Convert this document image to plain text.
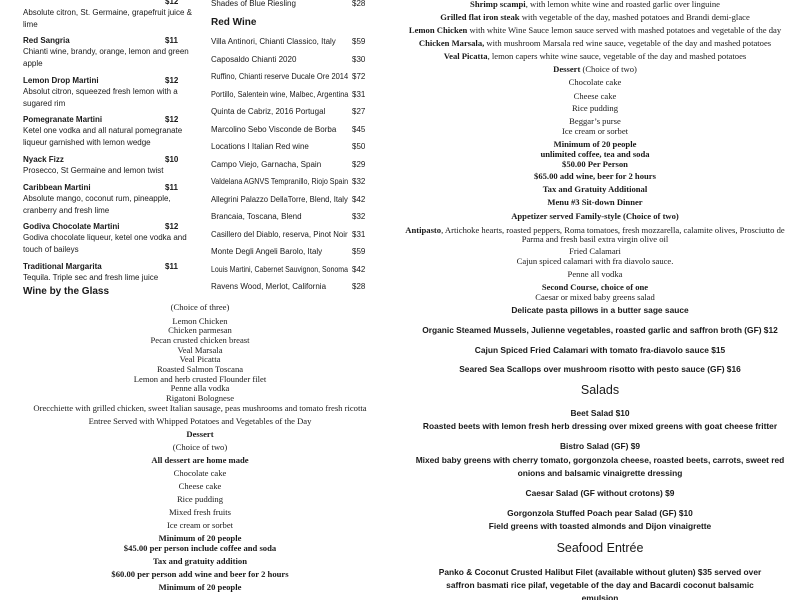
$12
Absolute citron, St. Germaine, grapefruit juice &
lime
Red Sangria	$11
Chianti wine, brandy, orange, lemon and green
apple
Lemon Drop Martini	$12
Absolut citron, squeezed fresh lemon with a
sugared rim
Pomegranate Martini	$12
Ketel one vodka and all natural pomegranate
liqueur garnished with lemon wedge
Nyack Fizz	$10
Prosecco, St Germaine and lemon twist
Caribbean Martini	$11
Absolute mango, coconut rum, pineapple,
cranberry and fresh lime
Godiva Chocolate Martini	$12
Godiva chocolate liqueur, ketel one vodka and
touch of baileys
Traditional Margarita	$11
Tequila. Triple sec and fresh lime juice
Wine by the Glass
Shades of Blue Riesling	$28
Red Wine
Villa Antinori, Chianti Classico, Italy	$59
Caposaldo Chianti 2020	$30
Ruffino, Chianti reserve Ducale Ore 2014 $72
Portillo, Salentein wine, Malbec, Argentina $31
Quinta de Cabriz, 2016 Portugal	$27
Marcolino Sebo Visconde de Borba	$45
Locations I Italian Red wine	$50
Campo Viejo, Garnacha, Spain	$29
Valdelana AGNVS Tempranillo, Riojo Spain $32
Allegrini Palazzo DellaTorre, Blend, Italy $42
Brancaia, Toscana, Blend	$32
Casillero del Diablo, reserva, Pinot Noir $31
Monte Degli Angeli Barolo, Italy	$59
Louis Martini, Cabernet Sauvignon, Sonoma $42
Ravens Wood, Merlot, California	$28
Shrimp scampi, with lemon white wine and roasted garlic over linguine
Grilled flat iron steak with vegetable of the day, mashed potatoes and Brandi demi-glace
Lemon Chicken with white Wine Sauce lemon sauce served with mashed potatoes and vegetable of the day
Chicken Marsala, with mushroom Marsala red wine sauce, vegetable of the day and mashed potatoes
Veal Picatta, lemon capers white wine sauce, vegetable of the day and mashed potatoes
Dessert (Choice of two)
Chocolate cake
Cheese cake
Rice pudding
Beggar’s purse
Ice cream or sorbet
Minimum of 20 people
unlimited coffee, tea and soda
$50.00 Per Person
$65.00 add wine, beer for 2 hours
Tax and Gratuity Additional
Menu #3 Sit-down Dinner
Appetizer served Family-style (Choice of two)
Antipasto, Artichoke hearts, roasted peppers, Roma tomatoes, fresh mozzarella, calamite olives, Prosciutto de
Parma and fresh basil extra virgin olive oil
Fried Calamari
Cajun spiced calamari with fra diavolo sauce.
Penne all vodka
Second Course, choice of one
Caesar or mixed baby greens salad
(Choice of three)
Lemon Chicken
Chicken parmesan
Pecan crusted chicken breast
Veal Marsala
Veal Picatta
Roasted Salmon Toscana
Lemon and herb crusted Flounder filet
Penne alla vodka
Rigatoni Bolognese
Orecchiette with grilled chicken, sweet Italian sausage, peas mushrooms and tomato fresh ricotta
Entree Served with Whipped Potatoes and Vegetables of the Day
Dessert
(Choice of two)
All dessert are home made
Chocolate cake
Cheese cake
Rice pudding
Mixed fresh fruits
Ice cream or sorbet
Minimum of 20 people
$45.00 per person include coffee and soda
Tax and gratuity addition
$60.00 per person add wine and beer for 2 hours
Minimum of 20 people
Delicate pasta pillows in a butter sage sauce
Organic Steamed Mussels, Julienne vegetables, roasted garlic and saffron broth (GF) $12
Cajun Spiced Fried Calamari with tomato fra-diavolo sauce $15
Seared Sea Scallops over mushroom risotto with pesto sauce (GF) $16
Salads
Beet Salad $10
Roasted beets with lemon fresh herb dressing over mixed greens with goat cheese fritter
Bistro Salad (GF) $9
Mixed baby greens with cherry tomato, gorgonzola cheese, roasted beets, carrots, sweet red
onions and balsamic vinaigrette dressing
Caesar Salad (GF without crotons) $9
Gorgonzola Stuffed Poach pear Salad (GF) $10
Field greens with toasted almonds and Dijon vinaigrette
Seafood Entrée
Panko & Coconut Crusted Halibut Filet (available without gluten) $35 served over
saffron basmati rice pilaf, vegetable of the day and Bacardi coconut balsamic
emulsion
